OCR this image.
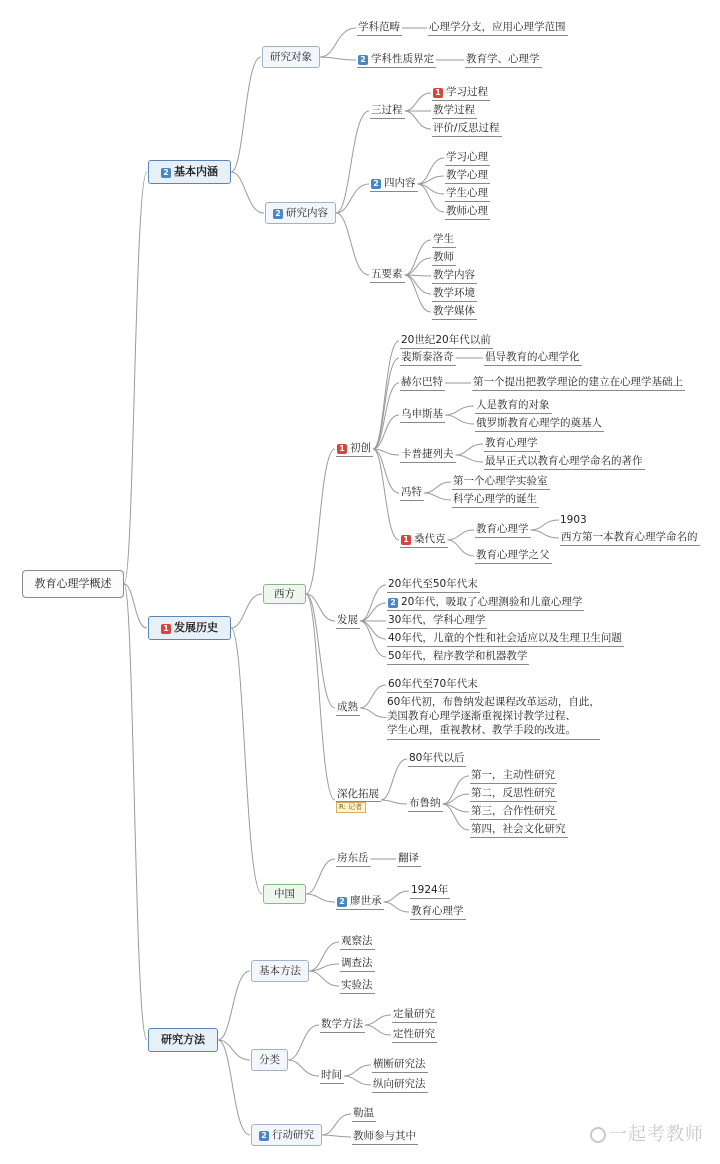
教育心理学概述
2 基本内涵
研究对象
学科范畴	心理学分支，应用心理学范围
2 学科性质界定	教育学、心理学
2 研究内容
三过程
1 学习过程
教学过程
评价/反思过程
2 四内容
学习心理
教学心理
学生心理
教师心理
五要素
学生
教师
教学内容
教学环境
教学媒体
1 发展历史
西方
1 初创
20世纪20年代以前
裴斯泰洛奇	倡导教育的心理学化
赫尔巴特	第一个提出把教学理论的建立在心理学基础上
乌申斯基
人是教育的对象
俄罗斯教育心理学的奠基人
卡普捷列夫
教育心理学
最早正式以教育心理学命名的著作
冯特
第一个心理学实验室
科学心理学的诞生
1 桑代克
教育心理学
1903
西方第一本教育心理学命名的
教育心理学之父
发展
20年代至50年代末
2 20年代，吸取了心理测验和儿童心理学
30年代，学科心理学
40年代，儿童的个性和社会适应以及生理卫生问题
50年代，程序教学和机器教学
成熟
60年代至70年代末
60年代初，布鲁纳发起课程改革运动，自此，
美国教育心理学逐渐重视探讨教学过程、
学生心理，重视教材、教学手段的改进。
深化拓展
R: 记者
80年代以后
布鲁纳
第一，主动性研究
第二，反思性研究
第三，合作性研究
第四，社会文化研究
中国
房东岳	翻译
2 廖世承
1924年
教育心理学
研究方法
基本方法
观察法
调查法
实验法
分类
数学方法
定量研究
定性研究
时间
横断研究法
纵向研究法
2 行动研究
勒温
教师参与其中	一起考教师
